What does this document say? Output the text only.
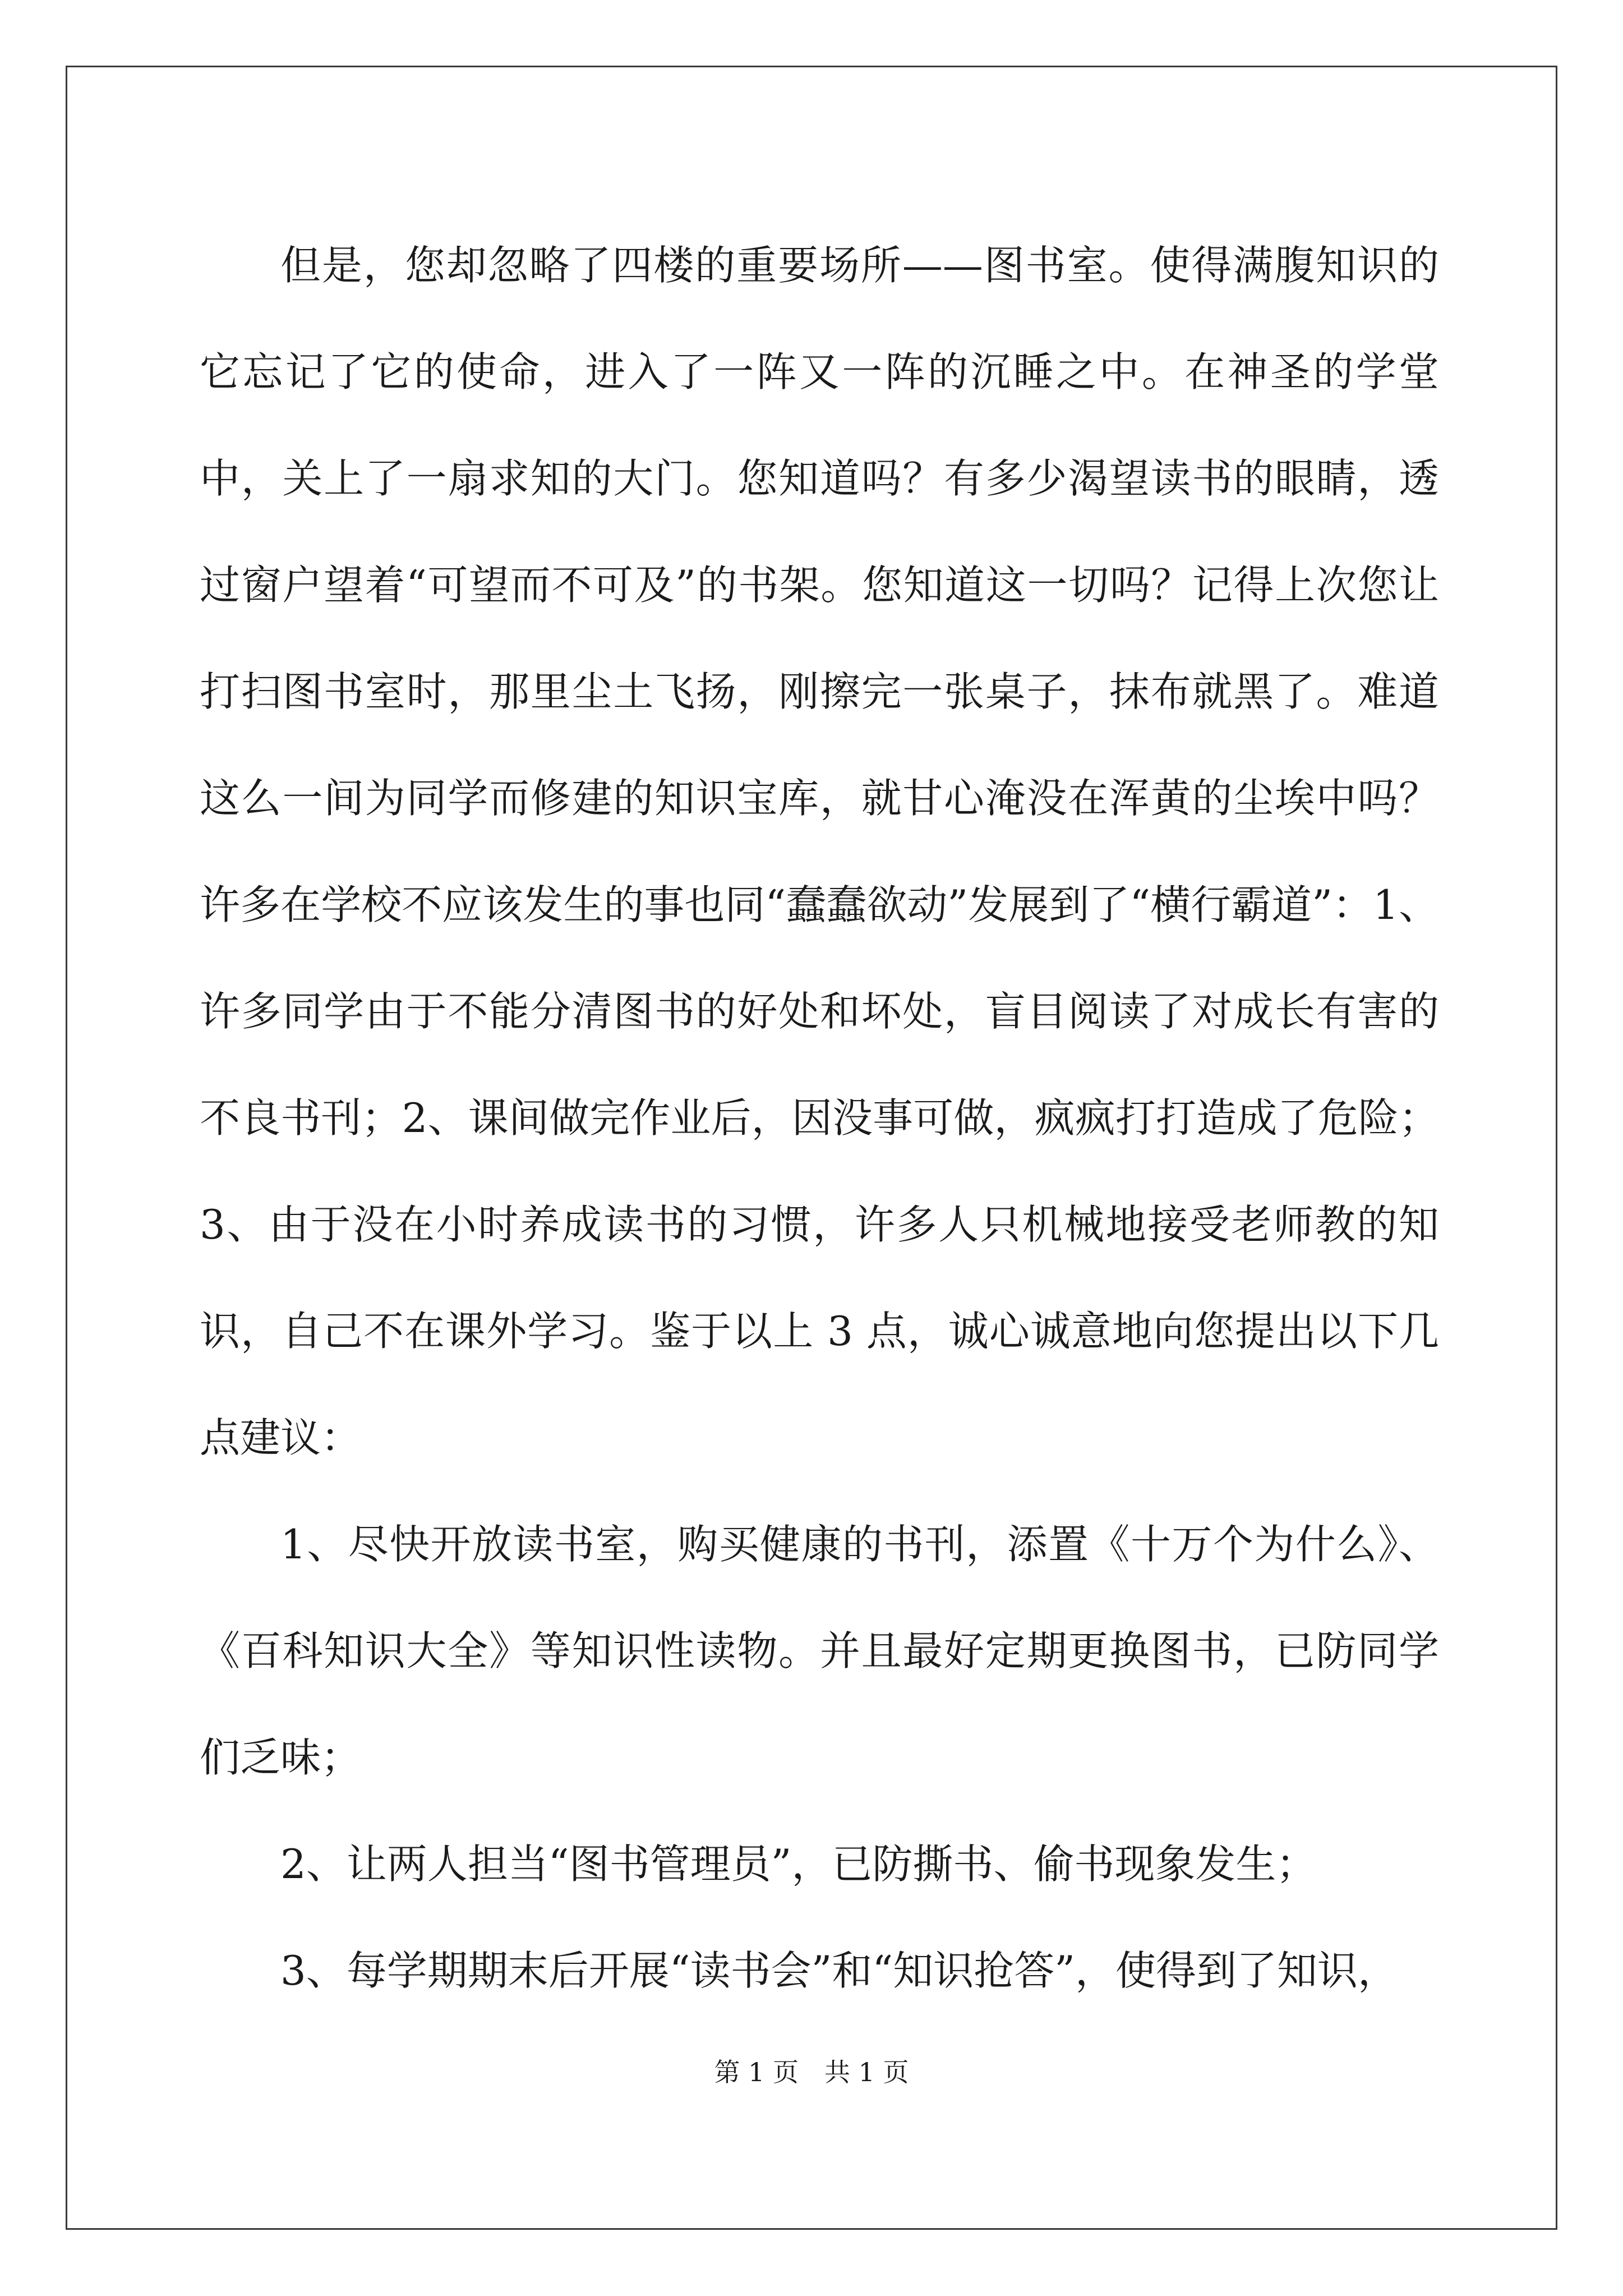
但是，您却忽略了四楼的重要场所——图书室。使得满腹知识的它忘记了它的使命，进入了一阵又一阵的沉睡之中。在神圣的学堂中，关上了一扇求知的大门。您知道吗？有多少渴望读书的眼睛，透过窗户望着“可望而不可及”的书架。您知道这一切吗？记得上次您让打扫图书室时，那里尘土飞扬，刚擦完一张桌子，抹布就黑了。难道这么一间为同学而修建的知识宝库，就甘心淹没在浑黄的尘埃中吗？许多在学校不应该发生的事也同“蠢蠢欲动”发展到了“横行霸道”：1、许多同学由于不能分清图书的好处和坏处，盲目阅读了对成长有害的不良书刊；2、课间做完作业后，因没事可做，疯疯打打造成了危险；3、由于没在小时养成读书的习惯，许多人只机械地接受老师教的知识，自己不在课外学习。鉴于以上 3 点，诚心诚意地向您提出以下几点建议：

1、尽快开放读书室，购买健康的书刊，添置《十万个为什么》、《百科知识大全》等知识性读物。并且最好定期更换图书，已防同学们乏味；

2、让两人担当“图书管理员”，已防撕书、偷书现象发生；

3、每学期期末后开展“读书会”和“知识抢答”，使得到了知识，

第 1 页　共 1 页
